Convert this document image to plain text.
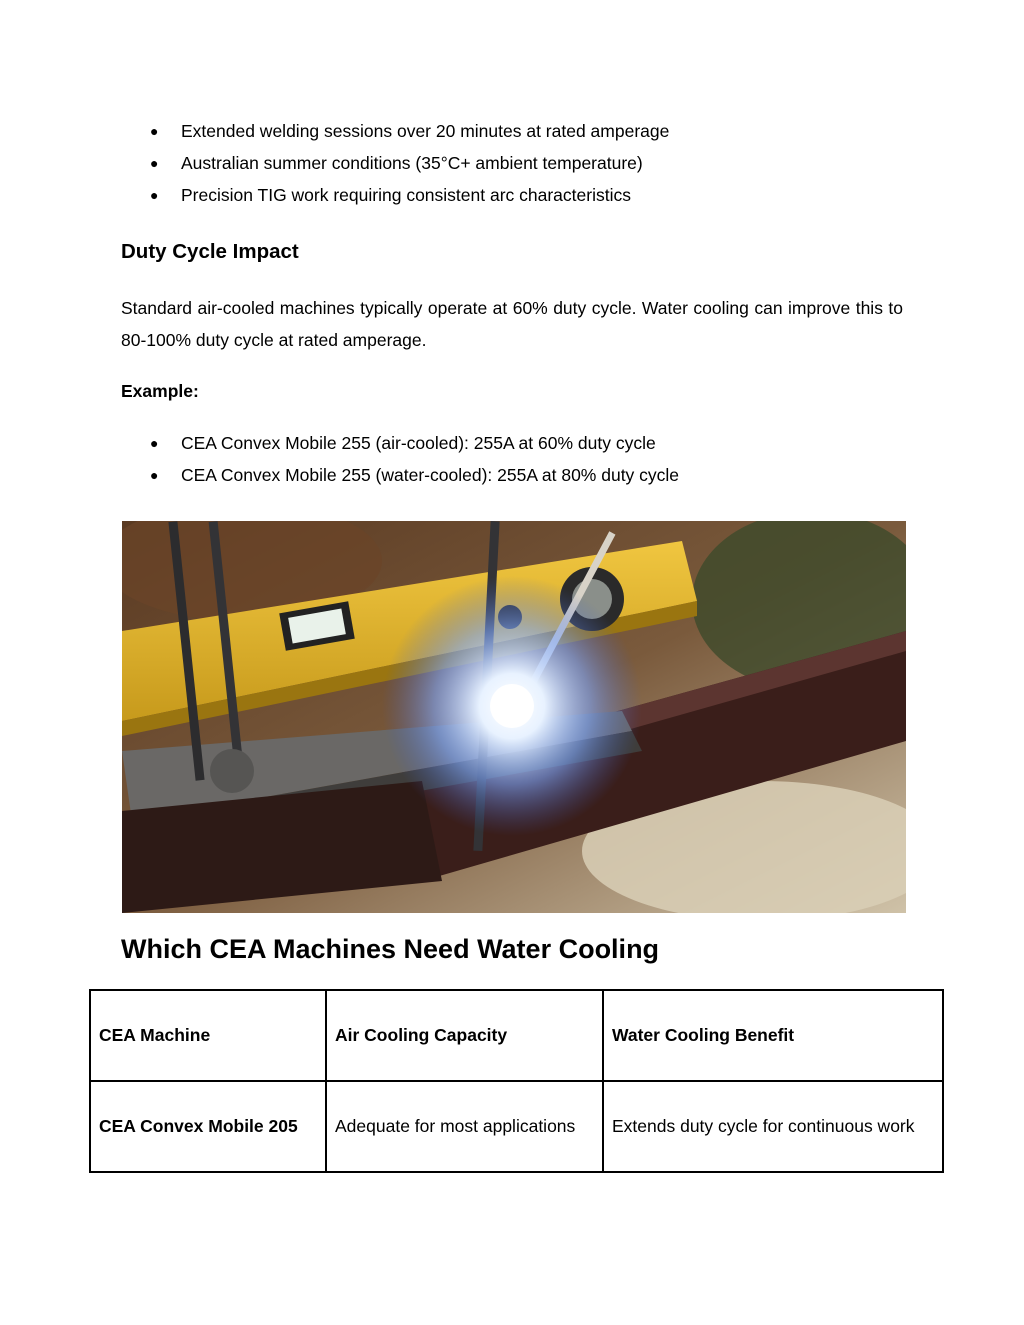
● Extended welding sessions over 20 minutes at rated amperage
● Australian summer conditions (35°C+ ambient temperature)
● Precision TIG work requiring consistent arc characteristics
Duty Cycle Impact

Standard air-cooled machines typically operate at 60% duty cycle. Water cooling can improve this to 80-100% duty cycle at rated amperage.

Example:
● CEA Convex Mobile 255 (air-cooled): 255A at 60% duty cycle
● CEA Convex Mobile 255 (water-cooled): 255A at 80% duty cycle
Which CEA Machines Need Water Cooling
CEA Machine	Air Cooling Capacity	Water Cooling Benefit
CEA Convex Mobile 205	Adequate for most applications	Extends duty cycle for continuous work
